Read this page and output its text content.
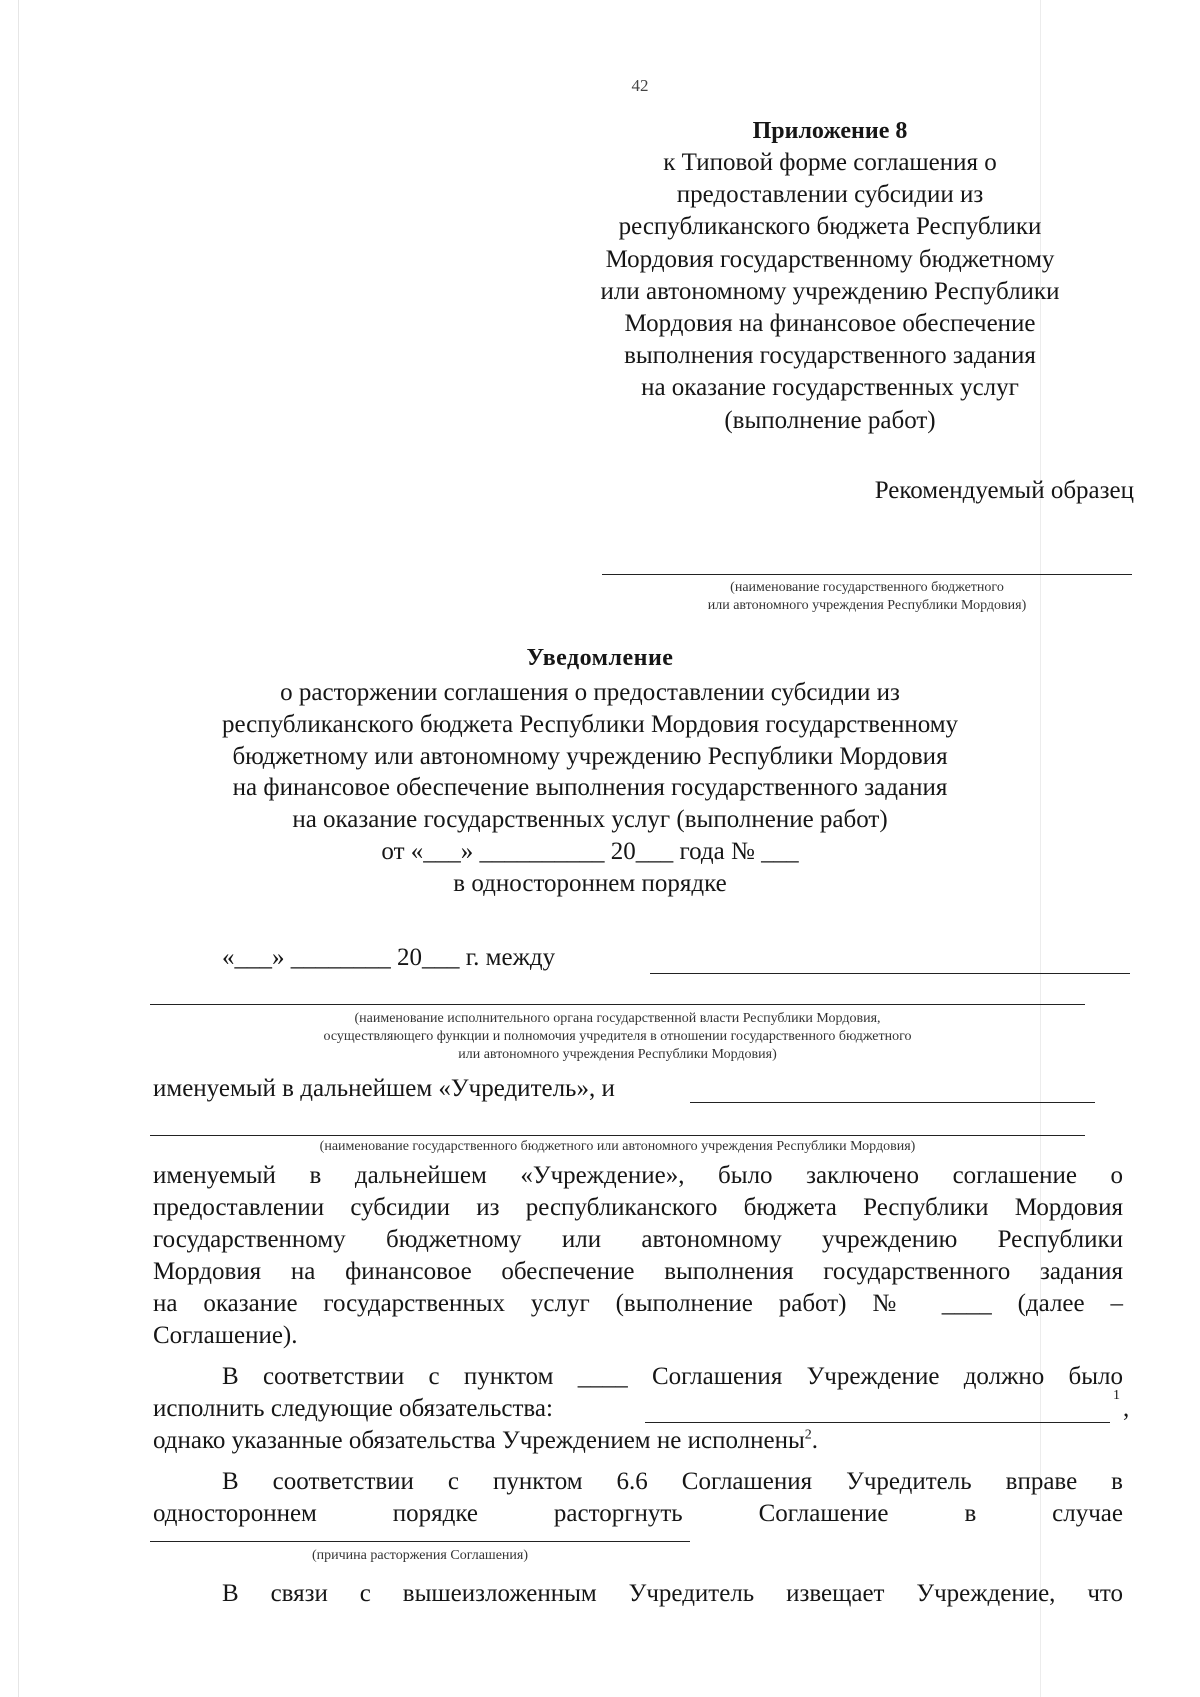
42
Приложение 8
к Типовой форме соглашения о
предоставлении субсидии из
республиканского бюджета Республики
Мордовия государственному бюджетному
или автономному учреждению Республики
Мордовия на финансовое обеспечение
выполнения государственного задания
на оказание государственных услуг
(выполнение работ)
Рекомендуемый образец
(наименование государственного бюджетного
или автономного учреждения Республики Мордовия)
Уведомление
о расторжении соглашения о предоставлении субсидии из
республиканского бюджета Республики Мордовия государственному
бюджетному или автономному учреждению Республики Мордовия
на финансовое обеспечение выполнения государственного задания
на оказание государственных услуг (выполнение работ)
от «___» __________ 20___ года № ___
в одностороннем порядке
«___» ________ 20___ г. между
(наименование исполнительного органа государственной власти Республики Мордовия,
осуществляющего функции и полномочия учредителя в отношении государственного бюджетного
или автономного учреждения Республики Мордовия)
именуемый в дальнейшем «Учредитель», и
(наименование государственного бюджетного или автономного учреждения Республики Мордовия)
именуемый в дальнейшем «Учреждение», было заключено соглашение о
предоставлении субсидии из республиканского бюджета Республики Мордовия
государственному бюджетному или автономному учреждению Республики
Мордовия на финансовое обеспечение выполнения государственного задания
на оказание государственных услуг (выполнение работ) № ____ (далее –
Соглашение).
В соответствии с пунктом ____ Соглашения Учреждение должно было
исполнить следующие обязательства:	1 ,
однако указанные обязательства Учреждением не исполнены$^2$.
В соответствии с пунктом 6.6 Соглашения Учредитель вправе в
одностороннем порядке расторгнуть Соглашение в случае
(причина расторжения Соглашения)
В связи с вышеизложенным Учредитель извещает Учреждение, что
